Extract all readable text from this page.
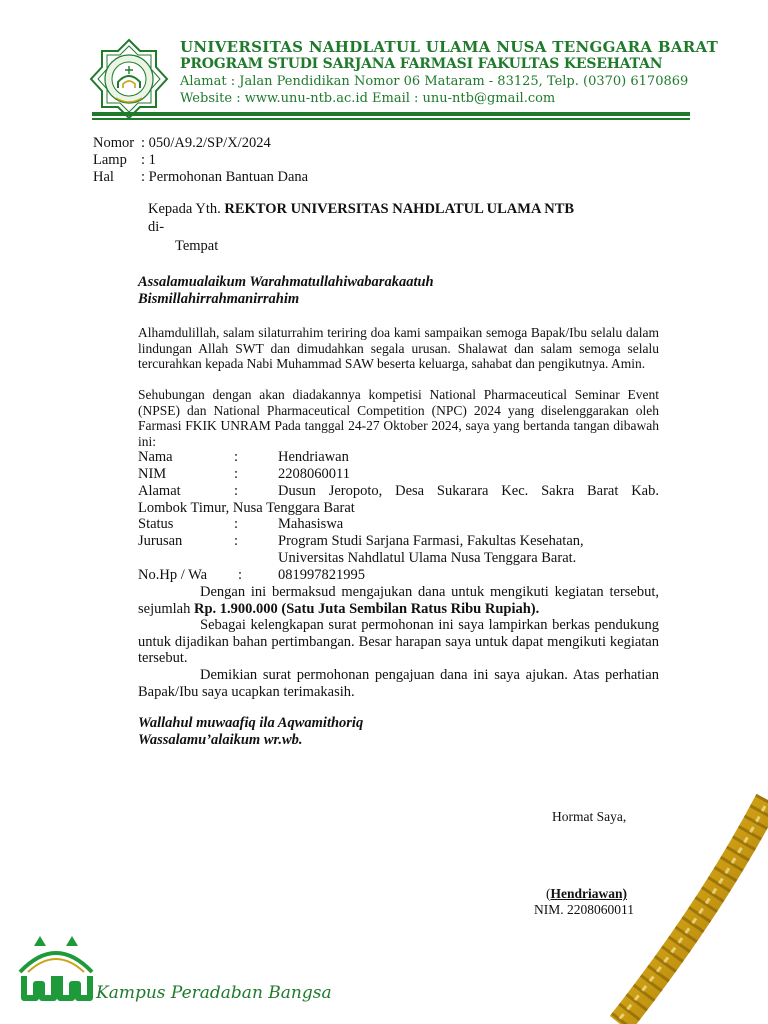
UNIVERSITAS NAHDLATUL ULAMA NUSA TENGGARA BARAT
PROGRAM STUDI SARJANA FARMASI FAKULTAS KESEHATAN
Alamat : Jalan Pendidikan Nomor 06 Mataram - 83125, Telp. (0370) 6170869
Website : www.unu-ntb.ac.id Email : unu-ntb@gmail.com
Nomor : 050/A9.2/SP/X/2024
Lamp : 1
Hal : Permohonan Bantuan Dana
Kepada Yth. REKTOR UNIVERSITAS NAHDLATUL ULAMA NTB
di-
Tempat
Assalamualaikum Warahmatullahiwabarakaatuh
Bismillahirrahmanirrahim
Alhamdulillah, salam silaturrahim teriring doa kami sampaikan semoga Bapak/Ibu selalu dalam lindungan Allah SWT dan dimudahkan segala urusan. Shalawat dan salam semoga selalu tercurahkan kepada Nabi Muhammad SAW beserta keluarga, sahabat dan pengikutnya. Amin.
Sehubungan dengan akan diadakannya kompetisi National Pharmaceutical Seminar Event (NPSE) dan National Pharmaceutical Competition (NPC) 2024 yang diselenggarakan oleh Farmasi FKIK UNRAM Pada tanggal 24-27 Oktober 2024, saya yang bertanda tangan dibawah ini:
Nama	:	Hendriawan
NIM	:	2208060011
Alamat	:	Dusun Jeropoto, Desa Sukarara Kec. Sakra Barat Kab.
Lombok Timur, Nusa Tenggara Barat
Status	:	Mahasiswa
Jurusan	:	Program Studi Sarjana Farmasi, Fakultas Kesehatan,
Universitas Nahdlatul Ulama Nusa Tenggara Barat.
No.Hp / Wa : 081997821995
Dengan ini bermaksud mengajukan dana untuk mengikuti kegiatan tersebut, sejumlah Rp. 1.900.000 (Satu Juta Sembilan Ratus Ribu Rupiah).
Sebagai kelengkapan surat permohonan ini saya lampirkan berkas pendukung untuk dijadikan bahan pertimbangan. Besar harapan saya untuk dapat mengikuti kegiatan tersebut.
Demikian surat permohonan pengajuan dana ini saya ajukan. Atas perhatian Bapak/Ibu saya ucapkan terimakasih.
Wallahul muwaafiq ila Aqwamithoriq
Wassalamu’alaikum wr.wb.
Hormat Saya,
(Hendriawan)
NIM. 2208060011
Kampus Peradaban Bangsa
